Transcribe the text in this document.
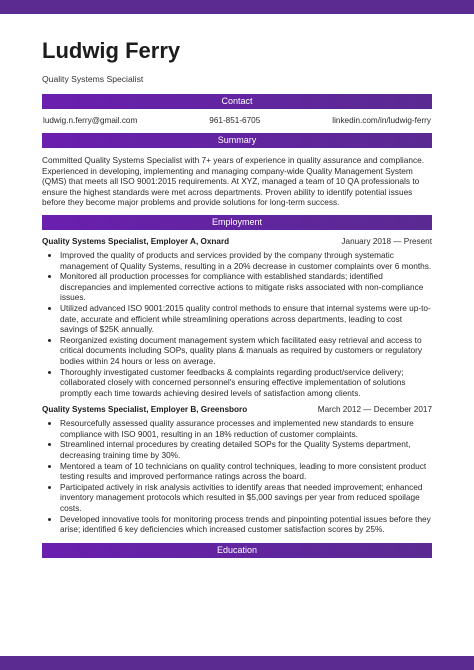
Ludwig Ferry
Quality Systems Specialist
Contact
ludwig.n.ferry@gmail.com	961-851-6705	linkedin.com/in/ludwig-ferry
Summary
Committed Quality Systems Specialist with 7+ years of experience in quality assurance and compliance. Experienced in developing, implementing and managing company-wide Quality Management System (QMS) that meets all ISO 9001:2015 requirements. At XYZ, managed a team of 10 QA professionals to ensure the highest standards were met across departments. Proven ability to identify potential issues before they become major problems and provide solutions for long-term success.
Employment
Quality Systems Specialist, Employer A, Oxnard	January 2018 — Present
• Improved the quality of products and services provided by the company through systematic management of Quality Systems, resulting in a 20% decrease in customer complaints over 6 months.
• Monitored all production processes for compliance with established standards; identified discrepancies and implemented corrective actions to mitigate risks associated with non-compliance issues.
• Utilized advanced ISO 9001:2015 quality control methods to ensure that internal systems were up-to-date, accurate and efficient while streamlining operations across departments, leading to cost savings of $25K annually.
• Reorganized existing document management system which facilitated easy retrieval and access to critical documents including SOPs, quality plans & manuals as required by customers or regulatory bodies within 24 hours or less on average.
• Thoroughly investigated customer feedbacks & complaints regarding product/service delivery; collaborated closely with concerned personnel's ensuring effective implementation of solutions promptly each time towards achieving desired levels of satisfaction among clients.
Quality Systems Specialist, Employer B, Greensboro	March 2012 — December 2017
• Resourcefully assessed quality assurance processes and implemented new standards to ensure compliance with ISO 9001, resulting in an 18% reduction of customer complaints.
• Streamlined internal procedures by creating detailed SOPs for the Quality Systems department, decreasing training time by 30%.
• Mentored a team of 10 technicians on quality control techniques, leading to more consistent product testing results and improved performance ratings across the board.
• Participated actively in risk analysis activities to identify areas that needed improvement; enhanced inventory management protocols which resulted in $5,000 savings per year from reduced spoilage costs.
• Developed innovative tools for monitoring process trends and pinpointing potential issues before they arise; identified 6 key deficiencies which increased customer satisfaction scores by 25%.
Education
